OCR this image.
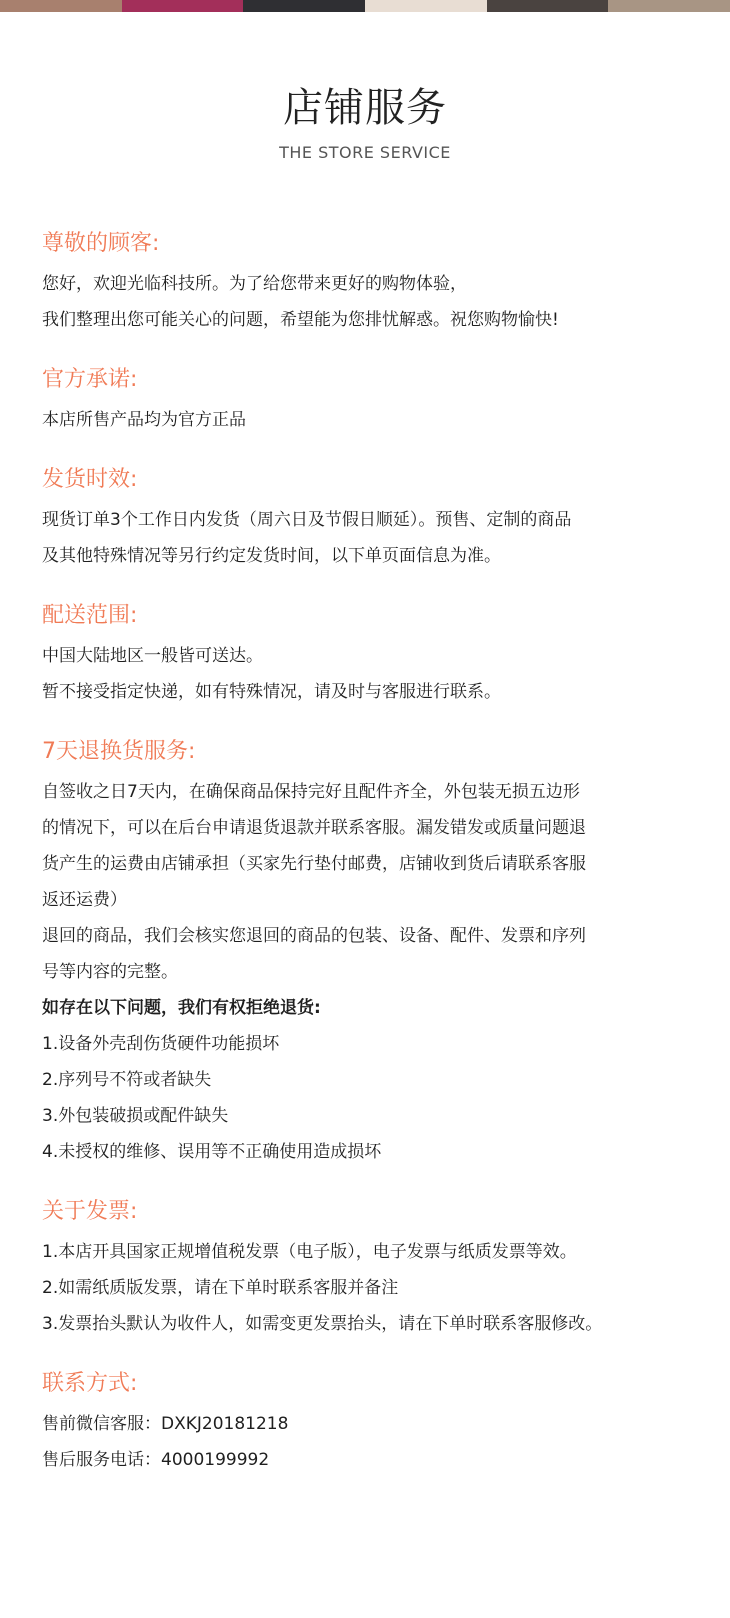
店铺服务
THE STORE SERVICE
尊敬的顾客:
您好，欢迎光临科技所。为了给您带来更好的购物体验，
我们整理出您可能关心的问题，希望能为您排忧解惑。祝您购物愉快!
官方承诺:
本店所售产品均为官方正品
发货时效:
现货订单3个工作日内发货（周六日及节假日顺延）。预售、定制的商品
及其他特殊情况等另行约定发货时间，以下单页面信息为准。
配送范围:
中国大陆地区一般皆可送达。
暂不接受指定快递，如有特殊情况，请及时与客服进行联系。
7天退换货服务:
自签收之日7天内，在确保商品保持完好且配件齐全，外包装无损五边形
的情况下，可以在后台申请退货退款并联系客服。漏发错发或质量问题退
货产生的运费由店铺承担（买家先行垫付邮费，店铺收到货后请联系客服
返还运费）
退回的商品，我们会核实您退回的商品的包装、设备、配件、发票和序列
号等内容的完整。
如存在以下问题，我们有权拒绝退货:
1.设备外壳刮伤货硬件功能损坏
2.序列号不符或者缺失
3.外包装破损或配件缺失
4.未授权的维修、误用等不正确使用造成损坏
关于发票:
1.本店开具国家正规增值税发票（电子版），电子发票与纸质发票等效。
2.如需纸质版发票，请在下单时联系客服并备注
3.发票抬头默认为收件人，如需变更发票抬头，请在下单时联系客服修改。
联系方式:
售前微信客服：DXKJ20181218
售后服务电话：4000199992
